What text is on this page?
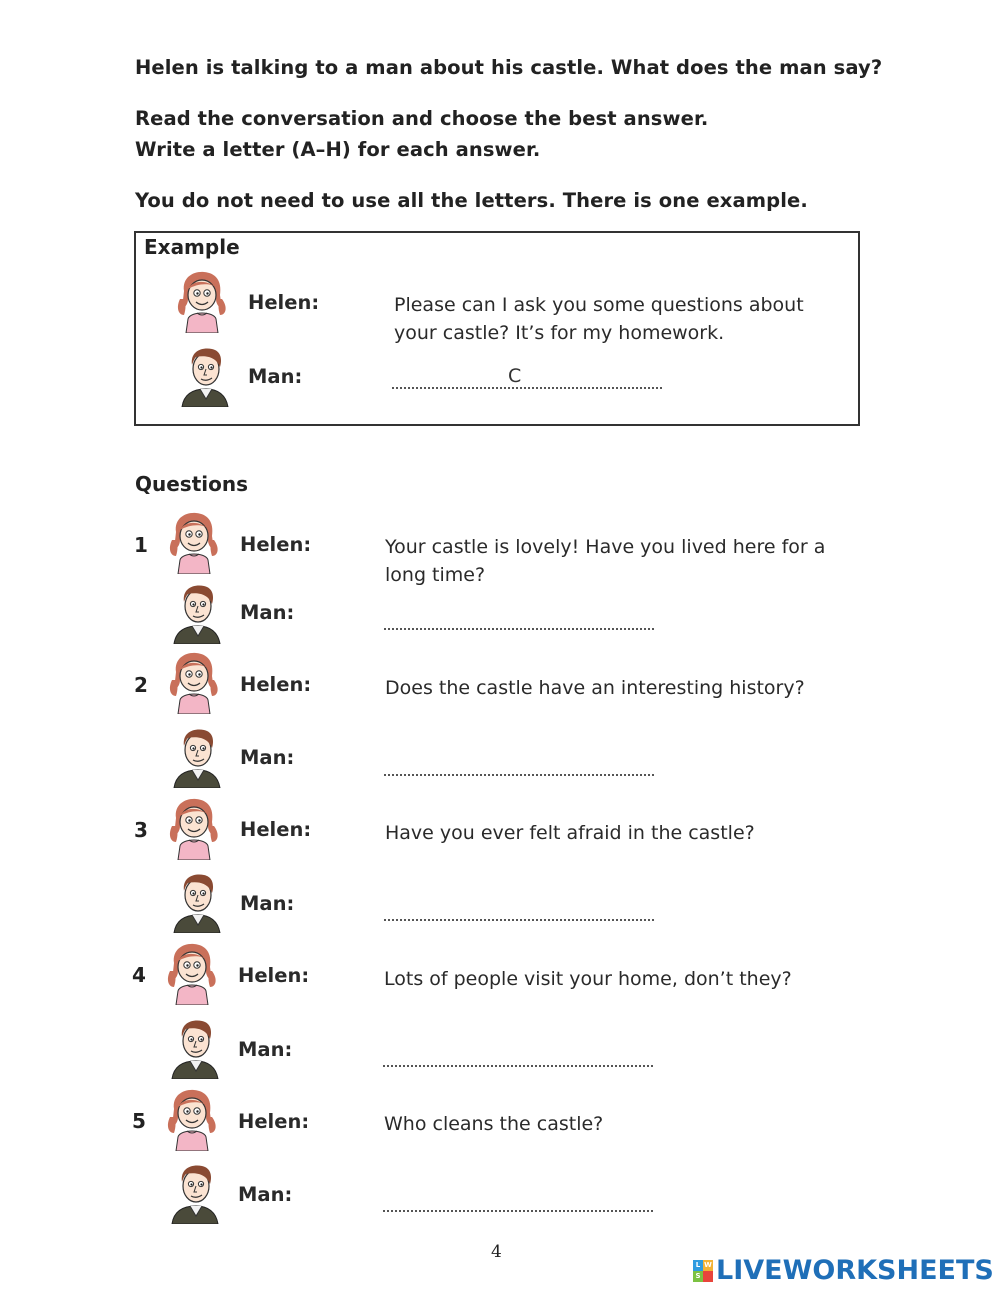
Helen is talking to a man about his castle. What does the man say?
Read the conversation and choose the best answer.
Write a letter (A–H) for each answer.
You do not need to use all the letters. There is one example.
Example
Helen:	Please can I ask you some questions about
your castle? It’s for my homework.
Man:	C
Questions
1	Helen:	Your castle is lovely! Have you lived here for a
long time?
Man:
2	Helen:	Does the castle have an interesting history?
Man:
3	Helen:	Have you ever felt afraid in the castle?
Man:
4	Helen:	Lots of people visit your home, don’t they?
Man:
5	Helen:	Who cleans the castle?
Man:
4
L W
S
LIVEWORKSHEETS
